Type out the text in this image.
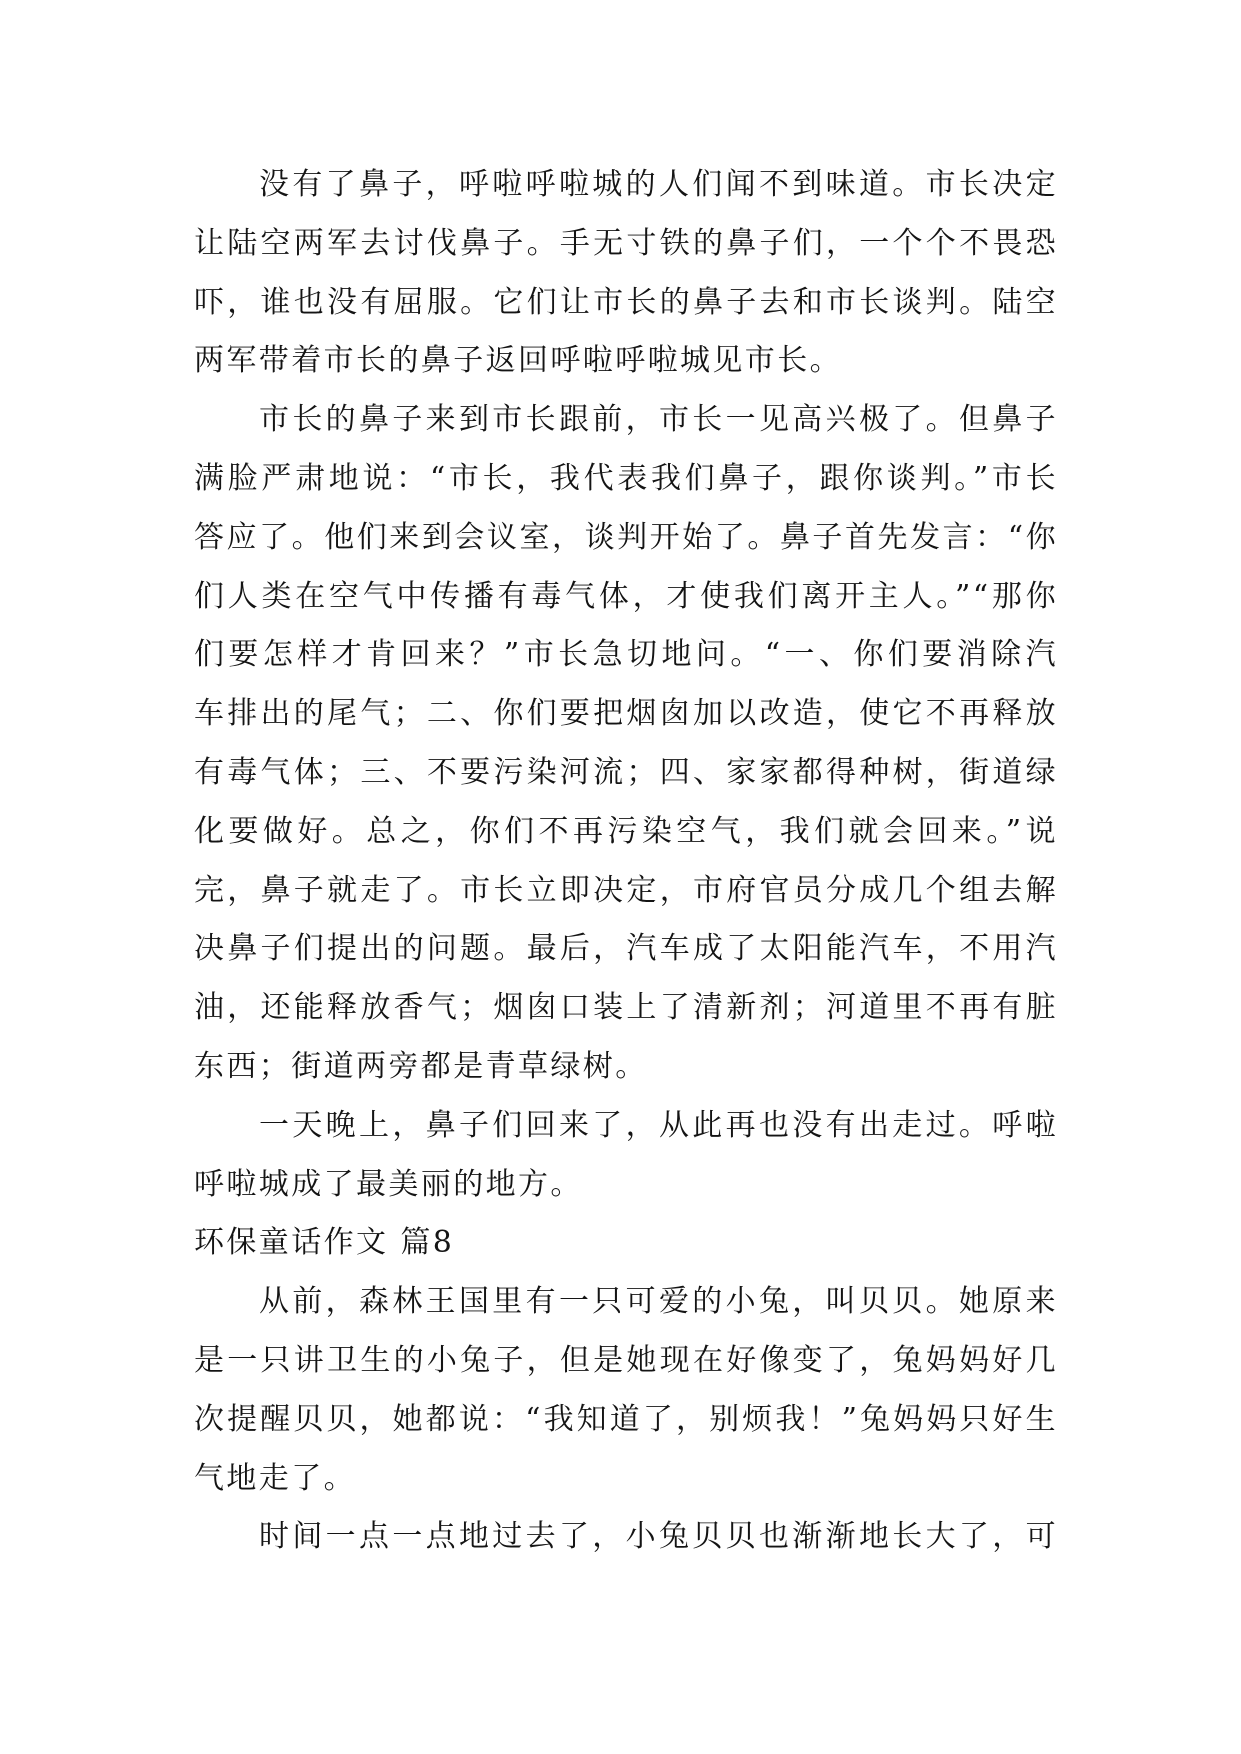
没有了鼻子，呼啦呼啦城的人们闻不到味道。市长决定
让陆空两军去讨伐鼻子。手无寸铁的鼻子们，一个个不畏恐
吓，谁也没有屈服。它们让市长的鼻子去和市长谈判。陆空
两军带着市长的鼻子返回呼啦呼啦城见市长。
市长的鼻子来到市长跟前，市长一见高兴极了。但鼻子
满脸严肃地说：“市长，我代表我们鼻子，跟你谈判。”市长
答应了。他们来到会议室，谈判开始了。鼻子首先发言：“你
们人类在空气中传播有毒气体，才使我们离开主人。”“那你
们要怎样才肯回来？”市长急切地问。“一、你们要消除汽
车排出的尾气；二、你们要把烟囱加以改造，使它不再释放
有毒气体；三、不要污染河流；四、家家都得种树，街道绿
化要做好。总之，你们不再污染空气，我们就会回来。”说
完，鼻子就走了。市长立即决定，市府官员分成几个组去解
决鼻子们提出的问题。最后，汽车成了太阳能汽车，不用汽
油，还能释放香气；烟囱口装上了清新剂；河道里不再有脏
东西；街道两旁都是青草绿树。
一天晚上，鼻子们回来了，从此再也没有出走过。呼啦
呼啦城成了最美丽的地方。
环保童话作文 篇8
从前，森林王国里有一只可爱的小兔，叫贝贝。她原来
是一只讲卫生的小兔子，但是她现在好像变了，兔妈妈好几
次提醒贝贝，她都说：“我知道了，别烦我！”兔妈妈只好生
气地走了。
时间一点一点地过去了，小兔贝贝也渐渐地长大了，可
